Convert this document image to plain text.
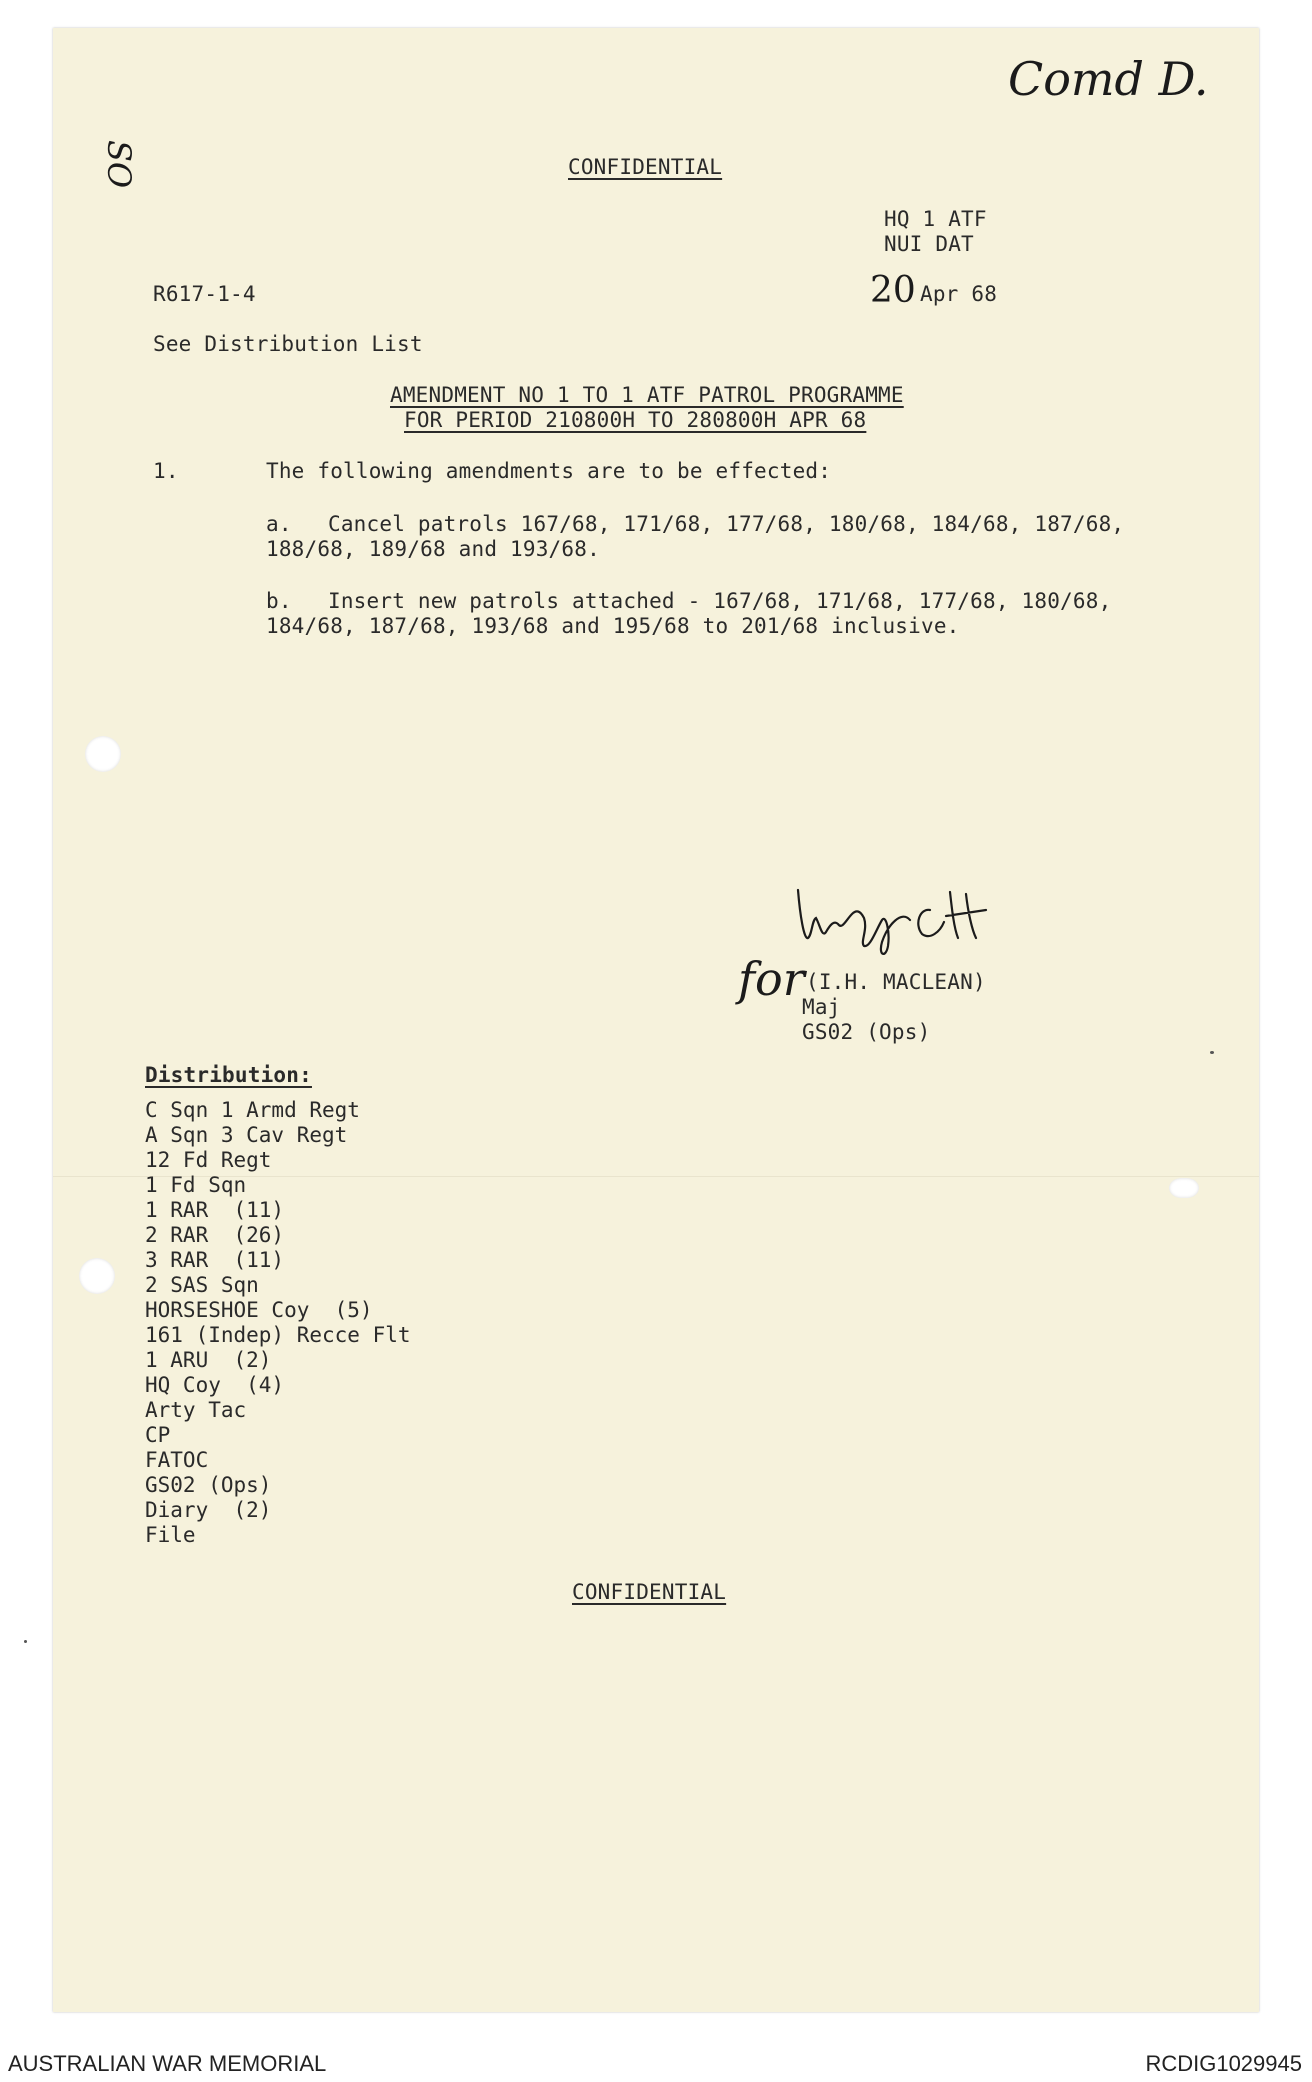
Comd D.
SO	CONFIDENTIAL
HQ 1 ATF
NUI DAT
R617-1-4	20 Apr 68
See Distribution List
AMENDMENT NO 1 TO 1 ATF PATROL PROGRAMME
FOR PERIOD 210800H TO 280800H APR 68
1.	The following amendments are to be effected:
a. Cancel patrols 167/68, 171/68, 177/68, 180/68, 184/68, 187/68,
188/68, 189/68 and 193/68.
b. Insert new patrols attached - 167/68, 171/68, 177/68, 180/68,
184/68, 187/68, 193/68 and 195/68 to 201/68 inclusive.
for (I.H. MACLEAN)
Maj
GS02 (Ops)
Distribution:
C Sqn 1 Armd Regt
A Sqn 3 Cav Regt
12 Fd Regt
1 Fd Sqn
1 RAR  (11)
2 RAR  (26)
3 RAR  (11)
2 SAS Sqn
HORSESHOE Coy  (5)
161 (Indep) Recce Flt
1 ARU  (2)
HQ Coy  (4)
Arty Tac
CP
FATOC
GS02 (Ops)
Diary  (2)
File
CONFIDENTIAL
AUSTRALIAN WAR MEMORIAL	RCDIG1029945
